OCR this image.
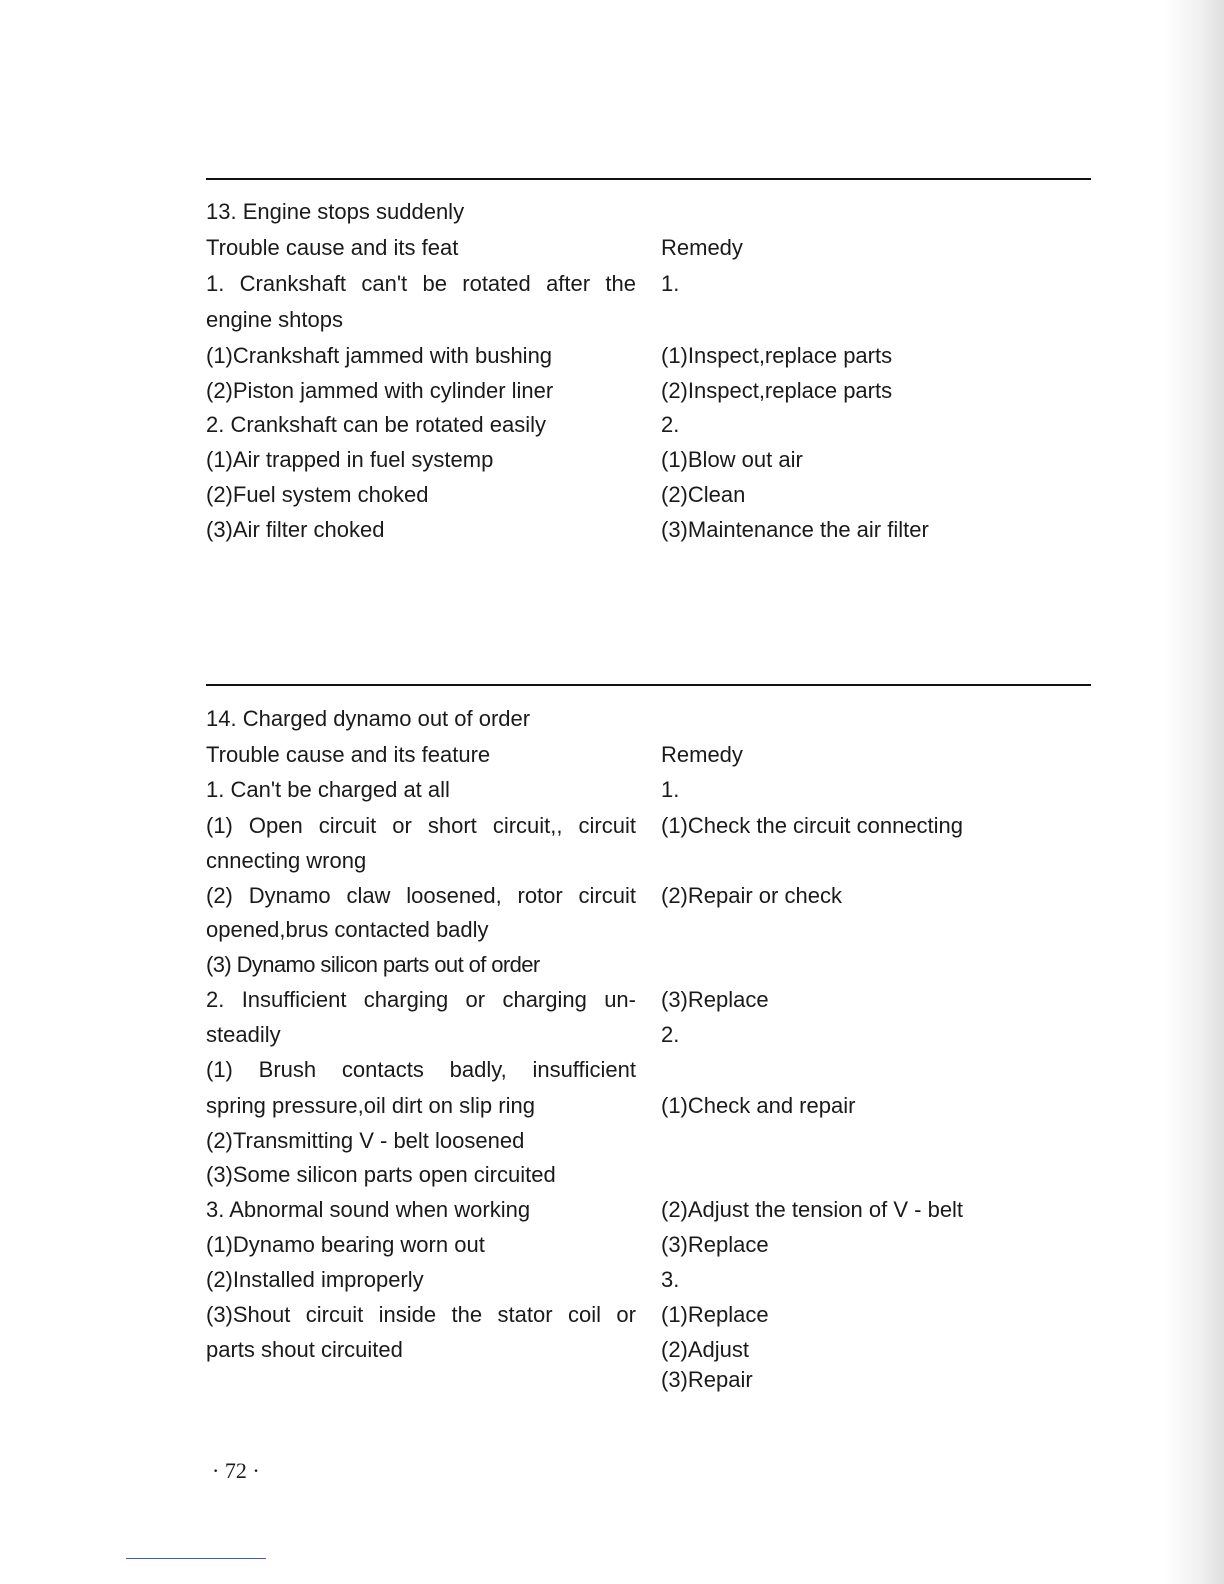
13. Engine stops suddenly
Trouble cause and its feat	Remedy
1. Crankshaft can't be rotated after the
engine shtops
(1)Crankshaft jammed with bushing
(2)Piston jammed with cylinder liner
2. Crankshaft can be rotated easily
(1)Air trapped in fuel systemp
(2)Fuel system choked
(3)Air filter choked
1.
(1)Inspect,replace parts
(2)Inspect,replace parts
2.
(1)Blow out air
(2)Clean
(3)Maintenance the air filter
14. Charged dynamo out of order
Trouble cause and its feature	Remedy
1. Can't be charged at all
(1) Open circuit or short circuit,, circuit
cnnecting wrong
(2) Dynamo claw loosened, rotor circuit
opened,brus contacted badly
(3) Dynamo silicon parts out of order
2. Insufficient charging or charging un-
steadily
(1) Brush contacts badly, insufficient
spring pressure,oil dirt on slip ring
(2)Transmitting V - belt loosened
(3)Some silicon parts open circuited
3. Abnormal sound when working
(1)Dynamo bearing worn out
(2)Installed improperly
(3)Shout circuit inside the stator coil or
parts shout circuited
1.
(1)Check the circuit connecting
(2)Repair or check
(3)Replace
2.
(1)Check and repair
(2)Adjust the tension of V - belt
(3)Replace
3.
(1)Replace
(2)Adjust
(3)Repair
· 72 ·
